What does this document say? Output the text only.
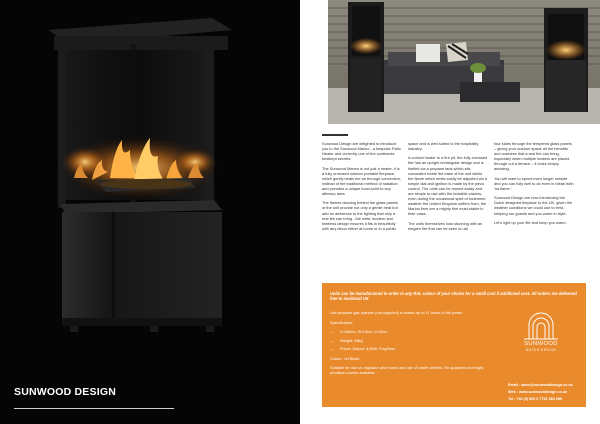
SUNWOOD DESIGN

Sunwood Design are delighted to introduce you to the Sunwood Marino - a bespoke Patio Heater and currently one of the continents bestkept secrets.

The Sunwood Marino is not just a heater, it is a fully enclosed outdoor portable fireplace, which gently heats the air through convection, instead of the traditional method of radiation and provides a unique focal point to any alfresco area.

The flames dancing behind the glass panels of the unit provide not only a gentle heat but add an ambience to the lighting that only a real fire can bring - the units' modern and timeless design ensures it fits in beautifully with any décor either at home or in a public

space and is well suited to the hospitality industry.

A cubical heater to a fire pit, the fully enclosed fire has an upright rectangular design and is fuelled via a propane tank which sits concealed inside the base of the unit whilst the flame which emits easily be adjusted via a simple dial and ignition is made by the piezo control. The units can be moved easily and are simple to use with the lockable castors, even during the occasional spell of inclement weather the United Kingdom suffers from, the Marino fires are a mighty fine must-stable in their class.

The units themselves look stunning with an elegant fire that can be seen on all

four sides through the tempered glass panels – giving your outdoor space all the benefits and cosiness that a real fire can bring, especially when multiple heaters are placed through out a terrace – it looks simply amazing.

You will want to spend even longer outside and you can fully well to do even in bleak truth 'na flame.'

Sunwood Design are now introducing the Dutch designed fireplace to the UK, given the weather conditions we could use to best, keeping our guests and you warm in style.

Let's light up your life and keep you warm.

Units can be manufactured to order in any RAL colour of your choice for a small cost if additional cost. All orders are delivered free to mainland UK

Use propane gas cylinder (not supplied) to match up to 11 hours of full power.

Specification:

• H:148cm, W:43cm, D:43cm
• Weight: 48kg
• Power Output: 4-5kW, 9 kg/hour

Colour: Jet Black

Suitable for use on regulator and hoses and use of caster wheels. Re-splashed overnight, precision covers available.

SUNWOOD
DUTCH DESIGN
Email : sales@sunwooddesign.co.uk
Web : www.sunwooddesign.co.uk
Tel : +44 (0) 800 0 7722 484 089
